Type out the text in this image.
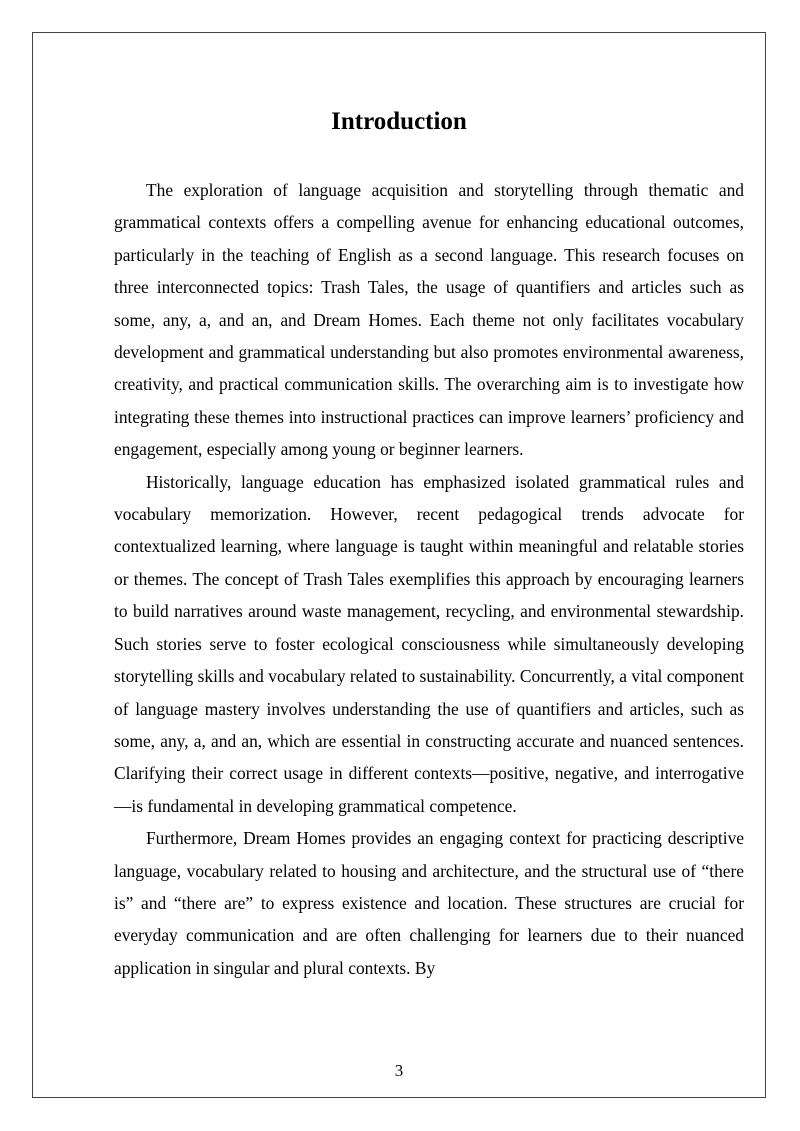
Introduction

The exploration of language acquisition and storytelling through thematic and grammatical contexts offers a compelling avenue for enhancing educational outcomes, particularly in the teaching of English as a second language. This research focuses on three interconnected topics: Trash Tales, the usage of quantifiers and articles such as some, any, a, and an, and Dream Homes. Each theme not only facilitates vocabulary development and grammatical understanding but also promotes environmental awareness, creativity, and practical communication skills. The overarching aim is to investigate how integrating these themes into instructional practices can improve learners’ proficiency and engagement, especially among young or beginner learners.

Historically, language education has emphasized isolated grammatical rules and vocabulary memorization. However, recent pedagogical trends advocate for contextualized learning, where language is taught within meaningful and relatable stories or themes. The concept of Trash Tales exemplifies this approach by encouraging learners to build narratives around waste management, recycling, and environmental stewardship. Such stories serve to foster ecological consciousness while simultaneously developing storytelling skills and vocabulary related to sustainability. Concurrently, a vital component of language mastery involves understanding the use of quantifiers and articles, such as some, any, a, and an, which are essential in constructing accurate and nuanced sentences. Clarifying their correct usage in different contexts—positive, negative, and interrogative—is fundamental in developing grammatical competence.

Furthermore, Dream Homes provides an engaging context for practicing descriptive language, vocabulary related to housing and architecture, and the structural use of “there is” and “there are” to express existence and location. These structures are crucial for everyday communication and are often challenging for learners due to their nuanced application in singular and plural contexts. By

3
